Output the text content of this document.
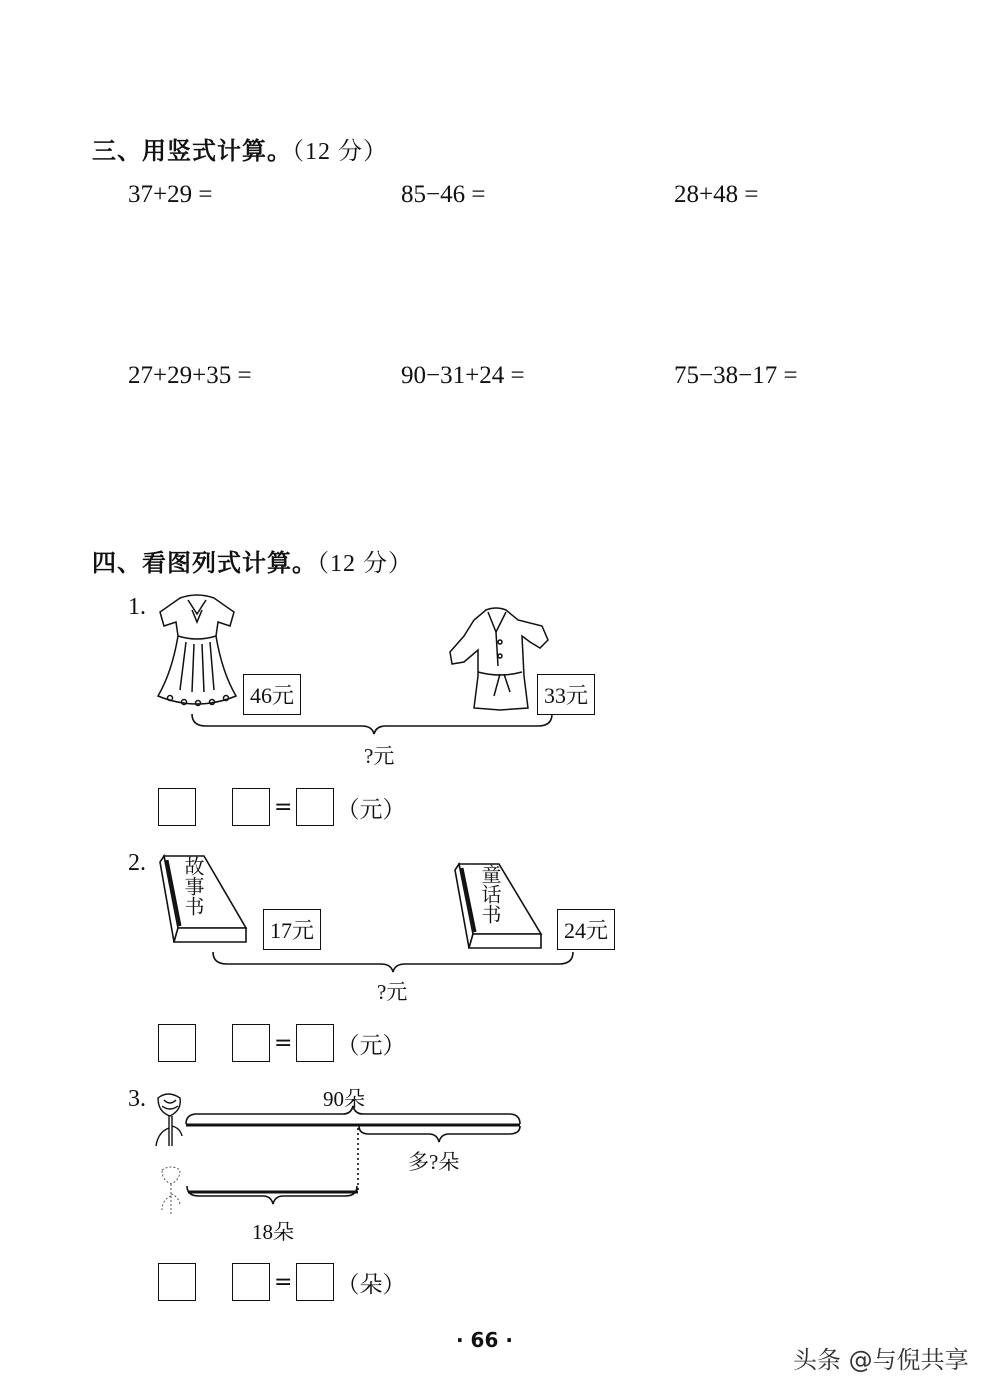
三、用竖式计算。（12 分）
37+29 =	85−46 =	28+48 =
27+29+35 =	90−31+24 =	75−38−17 =
四、看图列式计算。（12 分）
1.
46元	33元
?元
= （元）
2. 故事书
17元
童话书
24元
?元
= （元）
3.	90朵
多?朵
18朵
= （朵）
· 66 ·
头条 @与倪共享
